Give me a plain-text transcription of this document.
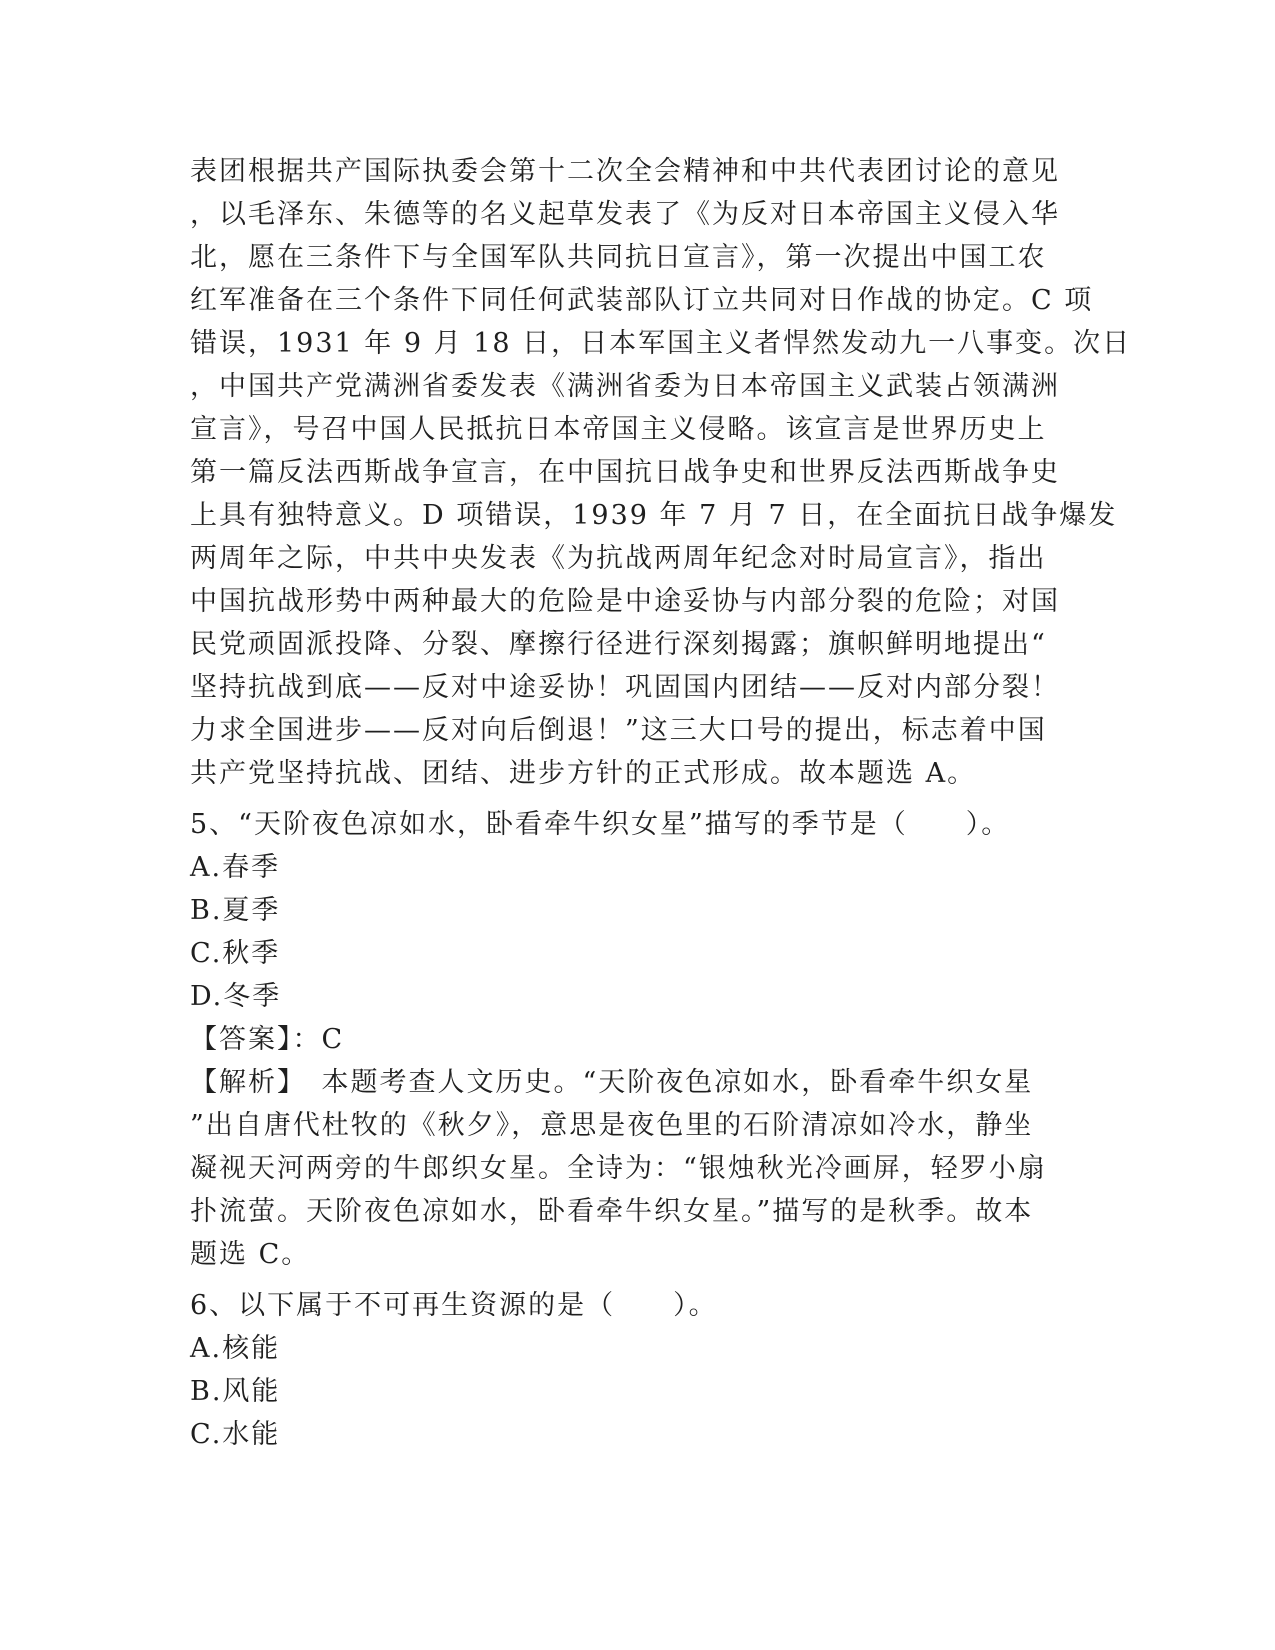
表团根据共产国际执委会第十二次全会精神和中共代表团讨论的意见
，以毛泽东、朱德等的名义起草发表了《为反对日本帝国主义侵入华
北，愿在三条件下与全国军队共同抗日宣言》，第一次提出中国工农
红军准备在三个条件下同任何武装部队订立共同对日作战的协定。C 项
错误，1931 年 9 月 18 日，日本军国主义者悍然发动九一八事变。次日
，中国共产党满洲省委发表《满洲省委为日本帝国主义武装占领满洲
宣言》，号召中国人民抵抗日本帝国主义侵略。该宣言是世界历史上
第一篇反法西斯战争宣言，在中国抗日战争史和世界反法西斯战争史
上具有独特意义。D 项错误，1939 年 7 月 7 日，在全面抗日战争爆发
两周年之际，中共中央发表《为抗战两周年纪念对时局宣言》，指出
中国抗战形势中两种最大的危险是中途妥协与内部分裂的危险；对国
民党顽固派投降、分裂、摩擦行径进行深刻揭露；旗帜鲜明地提出“
坚持抗战到底——反对中途妥协！巩固国内团结——反对内部分裂！
力求全国进步——反对向后倒退！”这三大口号的提出，标志着中国
共产党坚持抗战、团结、进步方针的正式形成。故本题选 A。
5、“天阶夜色凉如水，卧看牵牛织女星”描写的季节是（　　）。
A.春季
B.夏季
C.秋季
D.冬季
【答案】：C
【解析】　本题考查人文历史。“天阶夜色凉如水，卧看牵牛织女星
”出自唐代杜牧的《秋夕》，意思是夜色里的石阶清凉如冷水，静坐
凝视天河两旁的牛郎织女星。全诗为：“银烛秋光冷画屏，轻罗小扇
扑流萤。天阶夜色凉如水，卧看牵牛织女星。”描写的是秋季。故本
题选 C。
6、以下属于不可再生资源的是（　　）。
A.核能
B.风能
C.水能
